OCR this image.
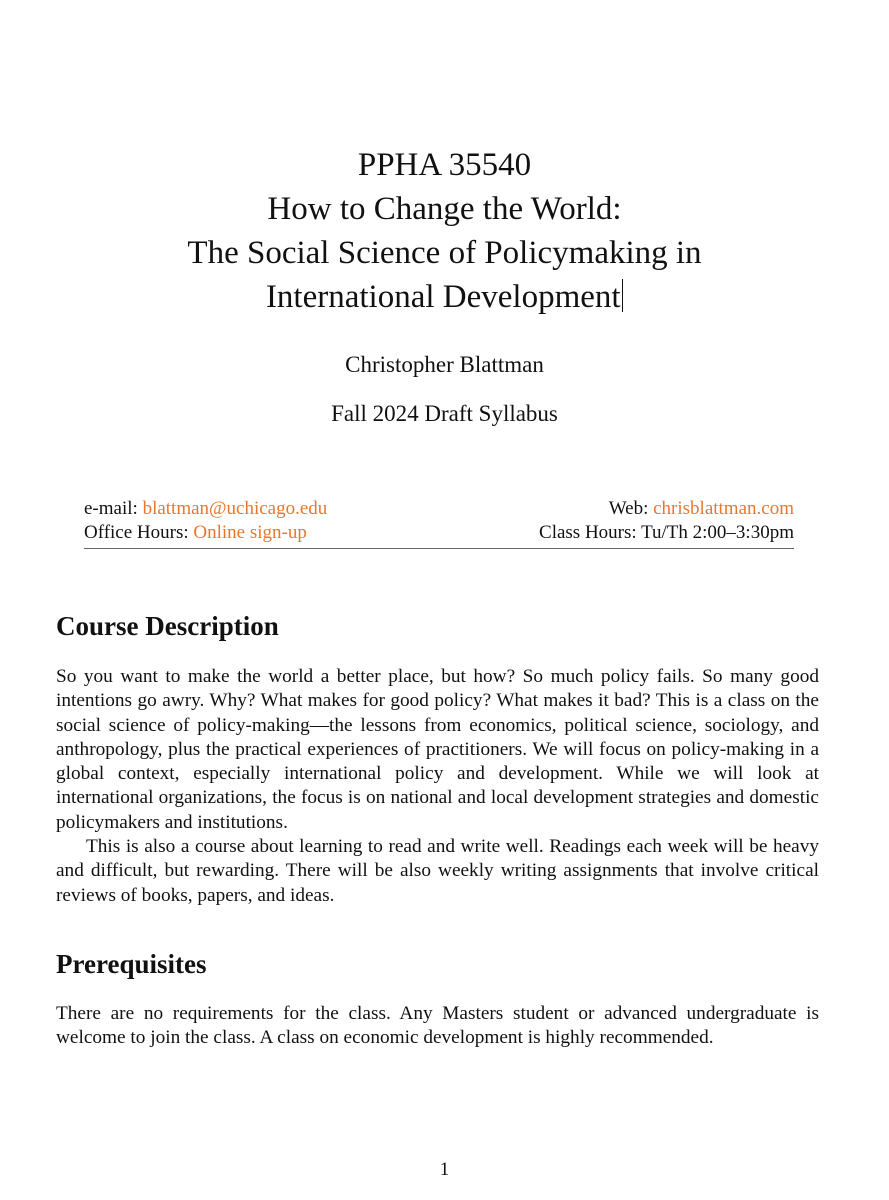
PPHA 35540
How to Change the World:
The Social Science of Policymaking in
International Development
Christopher Blattman
Fall 2024 Draft Syllabus
e-mail: blattman@uchicago.edu	Web: chrisblattman.com
Office Hours: Online sign-up	Class Hours: Tu/Th 2:00–3:30pm
Course Description

So you want to make the world a better place, but how? So much policy fails. So many good intentions go awry. Why? What makes for good policy? What makes it bad? This is a class on the social science of policy-making—the lessons from economics, political science, sociology, and anthropology, plus the practical experiences of practitioners. We will focus on policy-making in a global context, especially international policy and development. While we will look at international organizations, the focus is on national and local development strategies and domestic policymakers and institutions.

This is also a course about learning to read and write well. Readings each week will be heavy and difficult, but rewarding. There will be also weekly writing assignments that involve critical reviews of books, papers, and ideas.

Prerequisites

There are no requirements for the class. Any Masters student or advanced undergraduate is welcome to join the class. A class on economic development is highly recommended.

1
